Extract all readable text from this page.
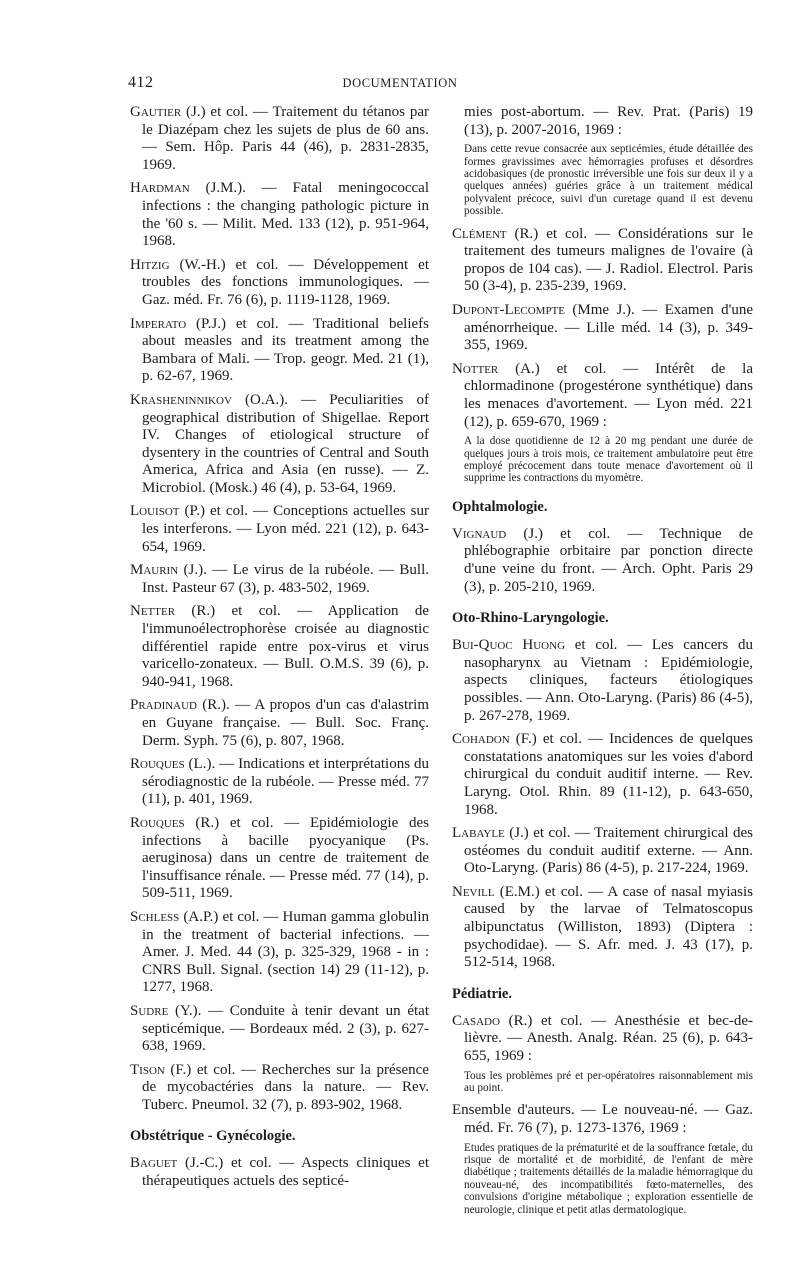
412	DOCUMENTATION

Gautier (J.) et col. — Traitement du tétanos par le Diazépam chez les sujets de plus de 60 ans. — Sem. Hôp. Paris 44 (46), p. 2831-2835, 1969.

Hardman (J.M.). — Fatal meningococcal infections : the changing pathologic picture in the '60 s. — Milit. Med. 133 (12), p. 951-964, 1968.

Hitzig (W.-H.) et col. — Développement et troubles des fonctions immunologiques. — Gaz. méd. Fr. 76 (6), p. 1119-1128, 1969.

Imperato (P.J.) et col. — Traditional beliefs about measles and its treatment among the Bambara of Mali. — Trop. geogr. Med. 21 (1), p. 62-67, 1969.

Krasheninnikov (O.A.). — Peculiarities of geographical distribution of Shigellae. Report IV. Changes of etiological structure of dysentery in the countries of Central and South America, Africa and Asia (en russe). — Z. Microbiol. (Mosk.) 46 (4), p. 53-64, 1969.

Louisot (P.) et col. — Conceptions actuelles sur les interferons. — Lyon méd. 221 (12), p. 643-654, 1969.

Maurin (J.). — Le virus de la rubéole. — Bull. Inst. Pasteur 67 (3), p. 483-502, 1969.

Netter (R.) et col. — Application de l'immunoélectrophorèse croisée au diagnostic différentiel rapide entre pox-virus et virus varicello-zonateux. — Bull. O.M.S. 39 (6), p. 940-941, 1968.

Pradinaud (R.). — A propos d'un cas d'alastrim en Guyane française. — Bull. Soc. Franç. Derm. Syph. 75 (6), p. 807, 1968.

Rouques (L.). — Indications et interprétations du sérodiagnostic de la rubéole. — Presse méd. 77 (11), p. 401, 1969.

Rouques (R.) et col. — Epidémiologie des infections à bacille pyocyanique (Ps. aeruginosa) dans un centre de traitement de l'insuffisance rénale. — Presse méd. 77 (14), p. 509-511, 1969.

Schless (A.P.) et col. — Human gamma globulin in the treatment of bacterial infections. — Amer. J. Med. 44 (3), p. 325-329, 1968 - in : CNRS Bull. Signal. (section 14) 29 (11-12), p. 1277, 1968.

Sudre (Y.). — Conduite à tenir devant un état septicémique. — Bordeaux méd. 2 (3), p. 627-638, 1969.

Tison (F.) et col. — Recherches sur la présence de mycobactéries dans la nature. — Rev. Tuberc. Pneumol. 32 (7), p. 893-902, 1968.

Obstétrique - Gynécologie.

Baguet (J.-C.) et col. — Aspects cliniques et thérapeutiques actuels des septicé-

mies post-abortum. — Rev. Prat. (Paris) 19 (13), p. 2007-2016, 1969 :

Dans cette revue consacrée aux septicémies, étude détaillée des formes gravissimes avec hémorragies profuses et désordres acidobasiques (de pronostic irréversible une fois sur deux il y a quelques années) guéries grâce à un traitement médical polyvalent précoce, suivi d'un curetage quand il est devenu possible.

Clément (R.) et col. — Considérations sur le traitement des tumeurs malignes de l'ovaire (à propos de 104 cas). — J. Radiol. Electrol. Paris 50 (3-4), p. 235-239, 1969.

Dupont-Lecompte (Mme J.). — Examen d'une aménorrheique. — Lille méd. 14 (3), p. 349-355, 1969.

Notter (A.) et col. — Intérêt de la chlormadinone (progestérone synthétique) dans les menaces d'avortement. — Lyon méd. 221 (12), p. 659-670, 1969 :

A la dose quotidienne de 12 à 20 mg pendant une durée de quelques jours à trois mois, ce traitement ambulatoire peut être employé précocement dans toute menace d'avortement où il supprime les contractions du myomètre.

Ophtalmologie.

Vignaud (J.) et col. — Technique de phlébographie orbitaire par ponction directe d'une veine du front. — Arch. Opht. Paris 29 (3), p. 205-210, 1969.

Oto-Rhino-Laryngologie.

Bui-Quoc Huong et col. — Les cancers du nasopharynx au Vietnam : Epidémiologie, aspects cliniques, facteurs étiologiques possibles. — Ann. Oto-Laryng. (Paris) 86 (4-5), p. 267-278, 1969.

Cohadon (F.) et col. — Incidences de quelques constatations anatomiques sur les voies d'abord chirurgical du conduit auditif interne. — Rev. Laryng. Otol. Rhin. 89 (11-12), p. 643-650, 1968.

Labayle (J.) et col. — Traitement chirurgical des ostéomes du conduit auditif externe. — Ann. Oto-Laryng. (Paris) 86 (4-5), p. 217-224, 1969.

Nevill (E.M.) et col. — A case of nasal myiasis caused by the larvae of Telmatoscopus albipunctatus (Williston, 1893) (Diptera : psychodidae). — S. Afr. med. J. 43 (17), p. 512-514, 1968.

Pédiatrie.

Casado (R.) et col. — Anesthésie et bec-de-lièvre. — Anesth. Analg. Réan. 25 (6), p. 643-655, 1969 :

Tous les problèmes pré et per-opératoires raisonnablement mis au point.

Ensemble d'auteurs. — Le nouveau-né. — Gaz. méd. Fr. 76 (7), p. 1273-1376, 1969 :

Etudes pratiques de la prématurité et de la souffrance fœtale, du risque de mortalité et de morbidité, de l'enfant de mère diabétique ; traitements détaillés de la maladie hémorragique du nouveau-né, des incompatibilités fœto-maternelles, des convulsions d'origine métabolique ; exploration essentielle de neurologie, clinique et petit atlas dermatologique.
